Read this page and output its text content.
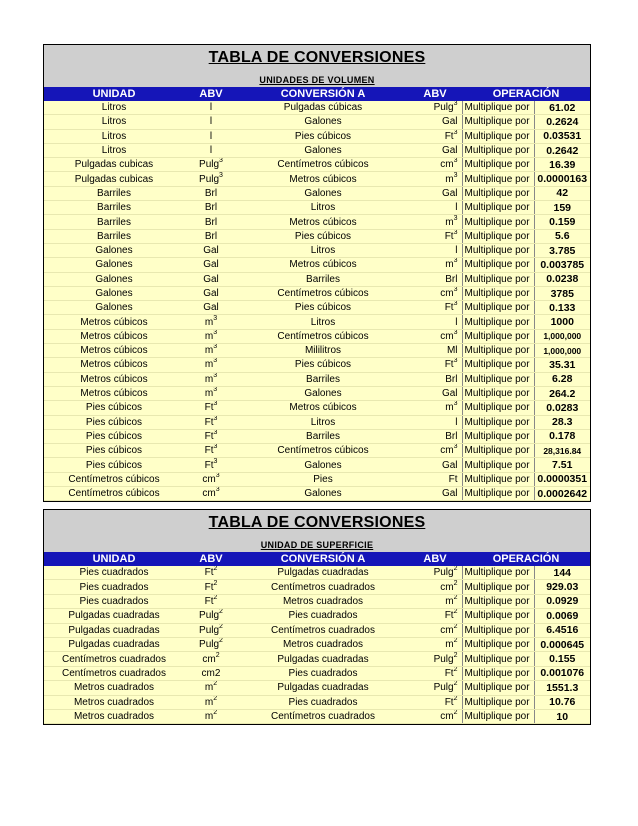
TABLA DE CONVERSIONES
UNIDADES DE VOLUMEN
UNIDAD	ABV	CONVERSIÓN A	ABV	OPERACIÓN	
Litros	l	Pulgadas cúbicas	Pulg$^3$	Multiplique por	61.02
Litros	l	Galones	Gal	Multiplique por	0.2624
Litros	l	Pies cúbicos	Ft$^3$	Multiplique por	0.03531
Litros	l	Galones	Gal	Multiplique por	0.2642
Pulgadas cubicas	Pulg$^3$	Centímetros cúbicos	$cm^3$	Multiplique por	16.39
Pulgadas cubicas	Pulg$^3$	Metros cúbicos	$m^3$	Multiplique por	0.0000163
Barriles	Brl	Galones	Gal	Multiplique por	42
Barriles	Brl	Litros	l	Multiplique por	159
Barriles	Brl	Metros cúbicos	$m^3$	Multiplique por	0.159
Barriles	Brl	Pies cúbicos	Ft$^3$	Multiplique por	5.6
Galones	Gal	Litros	l	Multiplique por	3.785
Galones	Gal	Metros cúbicos	$m^3$	Multiplique por	0.003785
Galones	Gal	Barriles	Brl	Multiplique por	0.0238
Galones	Gal	Centímetros cúbicos	$cm^3$	Multiplique por	3785
Galones	Gal	Pies cúbicos	Ft$^3$	Multiplique por	0.133
Metros cúbicos	$m^3$	Litros	l	Multiplique por	1000
Metros cúbicos	$m^3$	Centímetros cúbicos	$cm^3$	Multiplique por	1,000,000
Metros cúbicos	$m^3$	Mililitros	Ml	Multiplique por	1,000,000
Metros cúbicos	$m^3$	Pies cúbicos	Ft$^3$	Multiplique por	35.31
Metros cúbicos	$m^3$	Barriles	Brl	Multiplique por	6.28
Metros cúbicos	$m^3$	Galones	Gal	Multiplique por	264.2
Pies cúbicos	Ft$^3$	Metros cúbicos	$m^3$	Multiplique por	0.0283
Pies cúbicos	Ft$^3$	Litros	l	Multiplique por	28.3
Pies cúbicos	Ft$^3$	Barriles	Brl	Multiplique por	0.178
Pies cúbicos	Ft$^3$	Centímetros cúbicos	$cm^3$	Multiplique por	28,316.84
Pies cúbicos	Ft$^3$	Galones	Gal	Multiplique por	7.51
Centímetros cúbicos	$cm^3$	Pies	Ft	Multiplique por	0.0000351
Centímetros cúbicos	$cm^3$	Galones	Gal	Multiplique por	0.0002642
TABLA DE CONVERSIONES
UNIDAD DE SUPERFICIE
UNIDAD	ABV	CONVERSIÓN A	ABV	OPERACIÓN	
Pies cuadrados	Ft$^2$	Pulgadas cuadradas	Pulg$^2$	Multiplique por	144
Pies cuadrados	Ft$^2$	Centímetros cuadrados	$cm^2$	Multiplique por	929.03
Pies cuadrados	Ft$^2$	Metros cuadrados	$m^2$	Multiplique por	0.0929
Pulgadas cuadradas	Pulg$^2$	Pies cuadrados	Ft$^2$	Multiplique por	0.0069
Pulgadas cuadradas	Pulg$^2$	Centímetros cuadrados	$cm^2$	Multiplique por	6.4516
Pulgadas cuadradas	Pulg$^2$	Metros cuadrados	$m^2$	Multiplique por	0.000645
Centímetros cuadrados	$cm^2$	Pulgadas cuadradas	Pulg$^2$	Multiplique por	0.155
Centímetros cuadrados	cm2	Pies cuadrados	Ft$^2$	Multiplique por	0.001076
Metros cuadrados	$m^2$	Pulgadas cuadradas	Pulg$^2$	Multiplique por	1551.3
Metros cuadrados	$m^2$	Pies cuadrados	Ft$^2$	Multiplique por	10.76
Metros cuadrados	$m^2$	Centímetros cuadrados	$cm^2$	Multiplique por	10
